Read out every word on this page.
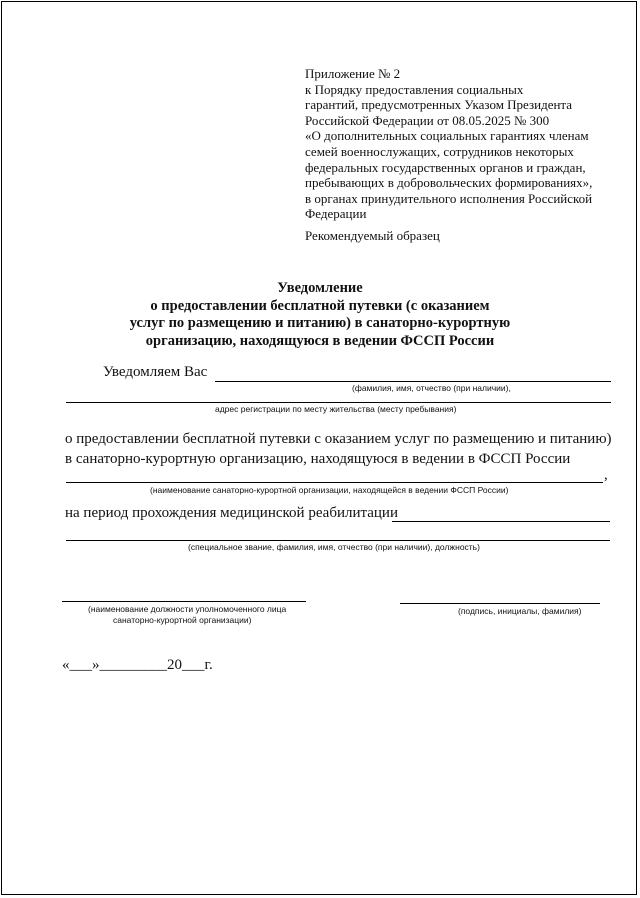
Приложение № 2
к Порядку предоставления социальных
гарантий, предусмотренных Указом Президента
Российской Федерации от 08.05.2025 № 300
«О дополнительных социальных гарантиях членам
семей военнослужащих, сотрудников некоторых
федеральных государственных органов и граждан,
пребывающих в добровольческих формированиях»,
в органах принудительного исполнения Российской
Федерации
Рекомендуемый образец
Уведомление
о предоставлении бесплатной путевки (с оказанием
услуг по размещению и питанию) в санаторно-курортную
организацию, находящуюся в ведении ФССП России
Уведомляем Вас
(фамилия, имя, отчество (при наличии),
адрес регистрации по месту жительства (месту пребывания)
о предоставлении бесплатной путевки с оказанием услуг по размещению и питанию)
в санаторно-курортную организацию, находящуюся в ведении в ФССП России
,
(наименование санаторно-курортной организации, находящейся в ведении ФССП России)
на период прохождения медицинской реабилитации
(специальное звание, фамилия, имя, отчество (при наличии), должность)
(наименование должности уполномоченного лица
санаторно-курортной организации)
(подпись, инициалы, фамилия)
«___»_________20___г.
